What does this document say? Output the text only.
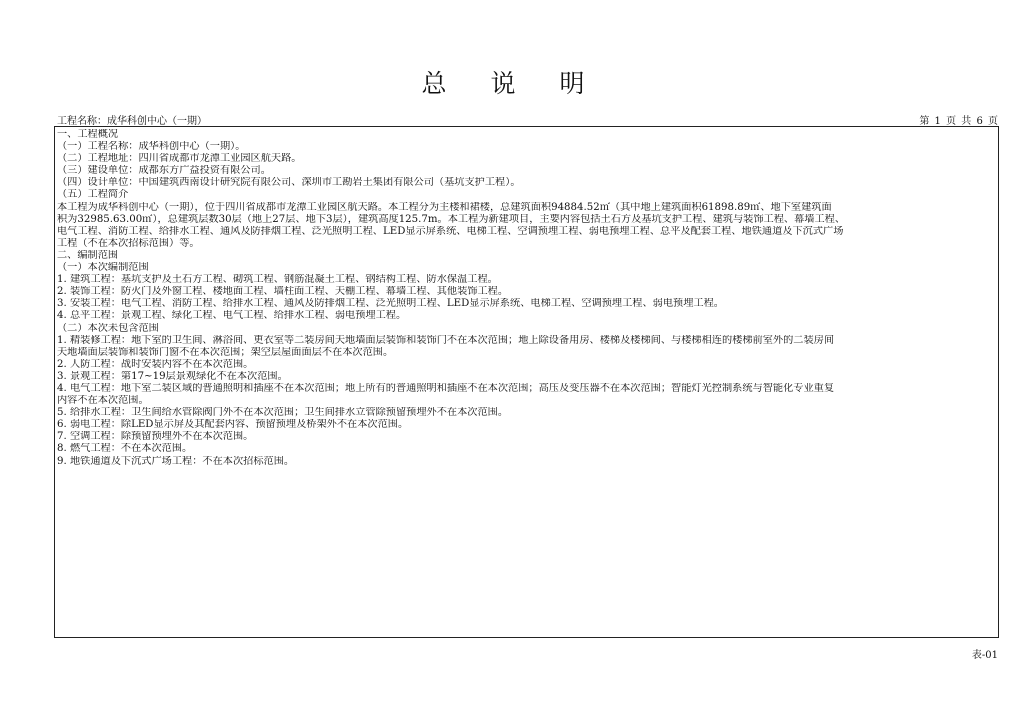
总 说 明
工程名称：成华科创中心（一期）	第 1 页 共 6 页
一、工程概况
（一）工程名称：成华科创中心（一期）。
（二）工程地址：四川省成都市龙潭工业园区航天路。
（三）建设单位：成都东方广益投资有限公司。
（四）设计单位：中国建筑西南设计研究院有限公司、深圳市工勘岩土集团有限公司（基坑支护工程）。
（五）工程简介
本工程为成华科创中心（一期），位于四川省成都市龙潭工业园区航天路。本工程分为主楼和裙楼，总建筑面积94884.52㎡（其中地上建筑面积61898.89㎡、地下室建筑面
积为32985.63.00㎡），总建筑层数30层（地上27层、地下3层），建筑高度125.7m。本工程为新建项目，主要内容包括土石方及基坑支护工程、建筑与装饰工程、幕墙工程、
电气工程、消防工程、给排水工程、通风及防排烟工程、泛光照明工程、LED显示屏系统、电梯工程、空调预埋工程、弱电预埋工程、总平及配套工程、地铁通道及下沉式广场
工程（不在本次招标范围）等。
二、编制范围
（一）本次编制范围
1. 建筑工程：基坑支护及土石方工程、砌筑工程、钢筋混凝土工程、钢结构工程、防水保温工程。
2. 装饰工程：防火门及外窗工程、楼地面工程、墙柱面工程、天棚工程、幕墙工程、其他装饰工程。
3. 安装工程：电气工程、消防工程、给排水工程、通风及防排烟工程、泛光照明工程、LED显示屏系统、电梯工程、空调预埋工程、弱电预埋工程。
4. 总平工程：景观工程、绿化工程、电气工程、给排水工程、弱电预埋工程。
（二）本次未包含范围
1. 精装修工程：地下室的卫生间、淋浴间、更衣室等二装房间天地墙面层装饰和装饰门不在本次范围；地上除设备用房、楼梯及楼梯间、与楼梯相连的楼梯前室外的二装房间
天地墙面层装饰和装饰门窗不在本次范围；架空层屋面面层不在本次范围。
2. 人防工程：战时安装内容不在本次范围。
3. 景观工程：第17~19层景观绿化不在本次范围。
4. 电气工程：地下室二装区域的普通照明和插座不在本次范围；地上所有的普通照明和插座不在本次范围；高压及变压器不在本次范围；智能灯光控制系统与智能化专业重复
内容不在本次范围。
5. 给排水工程：卫生间给水管除阀门外不在本次范围；卫生间排水立管除预留预埋外不在本次范围。
6. 弱电工程：除LED显示屏及其配套内容、预留预埋及桥架外不在本次范围。
7. 空调工程：除预留预埋外不在本次范围。
8. 燃气工程：不在本次范围。
9. 地铁通道及下沉式广场工程：不在本次招标范围。
表-01
